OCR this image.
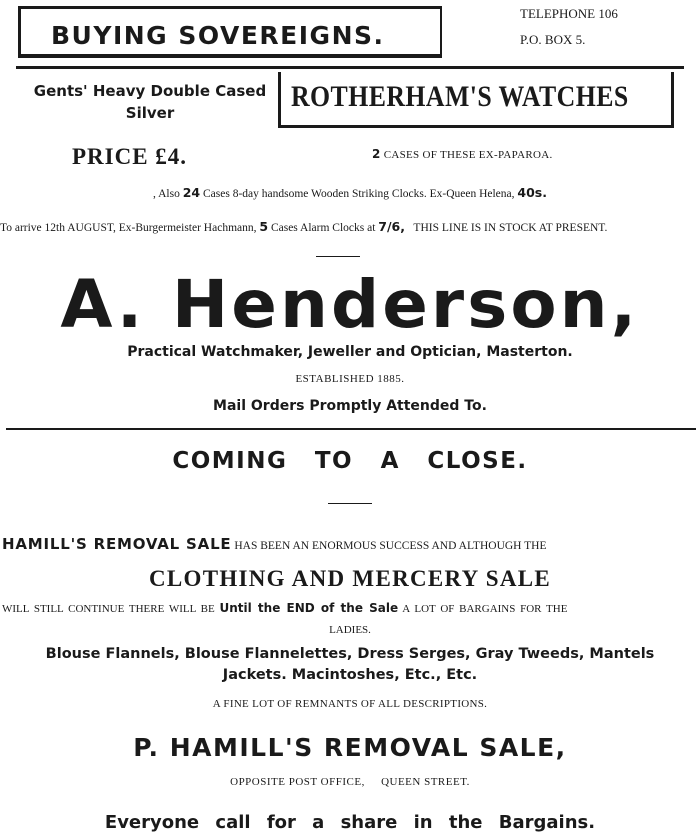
BUYING SOVEREIGNS.
TELEPHONE 106
P.O. BOX 5.
Gents' Heavy Double Cased
Silver	ROTHERHAM'S WATCHES
PRICE £4.	2 CASES OF THESE EX-PAPAROA.
, Also 24 Cases 8-day handsome Wooden Striking Clocks. Ex-Queen Helena, 40s.
To arrive 12th AUGUST, Ex-Burgermeister Hachmann, 5 Cases Alarm Clocks at 7/6, THIS LINE IS IN STOCK AT PRESENT.
A. Henderson,
Practical Watchmaker, Jeweller and Optician, Masterton.
ESTABLISHED 1885.
Mail Orders Promptly Attended To.
COMING TO A CLOSE.
HAMILL'S REMOVAL SALE HAS BEEN AN ENORMOUS SUCCESS AND ALTHOUGH THE
CLOTHING AND MERCERY SALE
WILL STILL CONTINUE THERE WILL BE Until the END of the Sale A LOT OF BARGAINS FOR THE
LADIES.
Blouse Flannels, Blouse Flannelettes, Dress Serges, Gray Tweeds, Mantels
Jackets. Macintoshes, Etc., Etc.
A FINE LOT OF REMNANTS OF ALL DESCRIPTIONS.
P. HAMILL'S REMOVAL SALE,
OPPOSITE POST OFFICE,     QUEEN STREET.
Everyone call for a share in the Bargains.
